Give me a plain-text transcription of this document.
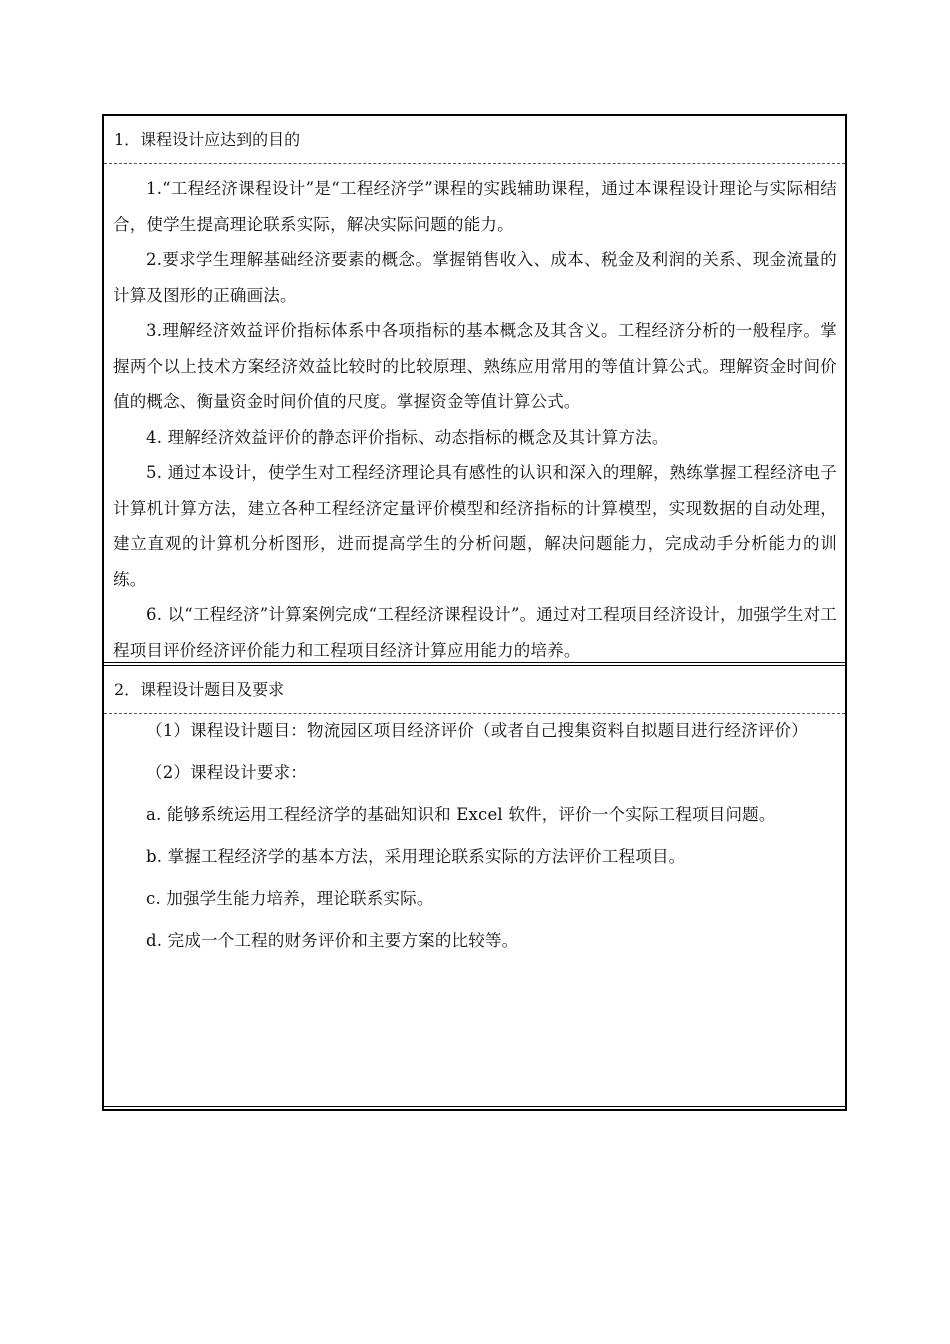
1．课程设计应达到的目的

1.“工程经济课程设计”是“工程经济学”课程的实践辅助课程，通过本课程设计理论与实际相结合，使学生提高理论联系实际，解决实际问题的能力。

2.要求学生理解基础经济要素的概念。掌握销售收入、成本、税金及利润的关系、现金流量的计算及图形的正确画法。

3.理解经济效益评价指标体系中各项指标的基本概念及其含义。工程经济分析的一般程序。掌握两个以上技术方案经济效益比较时的比较原理、熟练应用常用的等值计算公式。理解资金时间价值的概念、衡量资金时间价值的尺度。掌握资金等值计算公式。

4. 理解经济效益评价的静态评价指标、动态指标的概念及其计算方法。

5. 通过本设计，使学生对工程经济理论具有感性的认识和深入的理解，熟练掌握工程经济电子计算机计算方法，建立各种工程经济定量评价模型和经济指标的计算模型，实现数据的自动处理，建立直观的计算机分析图形，进而提高学生的分析问题，解决问题能力，完成动手分析能力的训练。

6. 以“工程经济”计算案例完成“工程经济课程设计”。通过对工程项目经济设计，加强学生对工程项目评价经济评价能力和工程项目经济计算应用能力的培养。

2．课程设计题目及要求

（1）课程设计题目：物流园区项目经济评价（或者自己搜集资料自拟题目进行经济评价）

（2）课程设计要求：

a. 能够系统运用工程经济学的基础知识和 Excel 软件，评价一个实际工程项目问题。

b. 掌握工程经济学的基本方法，采用理论联系实际的方法评价工程项目。

c. 加强学生能力培养，理论联系实际。

d. 完成一个工程的财务评价和主要方案的比较等。
